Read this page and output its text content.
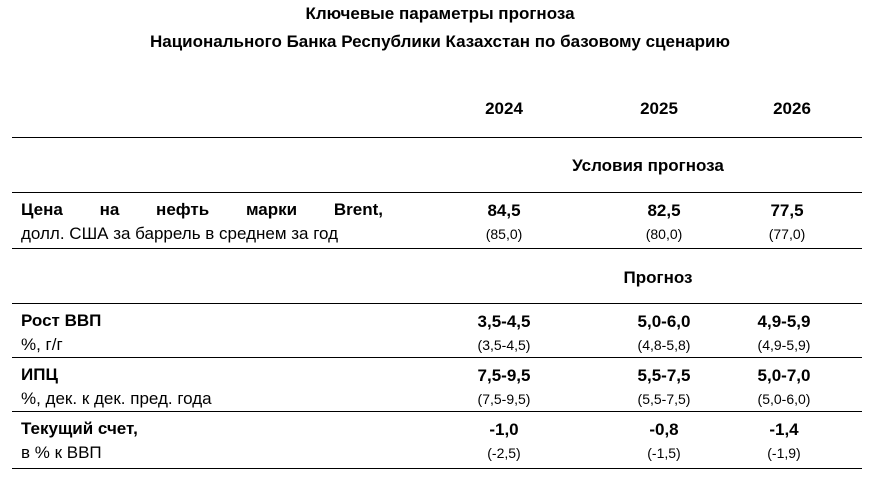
Ключевые параметры прогноза
Национального Банка Республики Казахстан по базовому сценарию
2024	2025	2026
Условия прогноза
Цена на нефть марки Brent,
долл. США за баррель в среднем за год
84,5
(85,0)
82,5
(80,0)
77,5
(77,0)
Прогноз
Рост ВВП
%, г/г
3,5-4,5
(3,5-4,5)
5,0-6,0
(4,8-5,8)
4,9-5,9
(4,9-5,9)
ИПЦ
%, дек. к дек. пред. года
7,5-9,5
(7,5-9,5)
5,5-7,5
(5,5-7,5)
5,0-7,0
(5,0-6,0)
Текущий счет,
в % к ВВП
-1,0
(-2,5)
-0,8
(-1,5)
-1,4
(-1,9)
